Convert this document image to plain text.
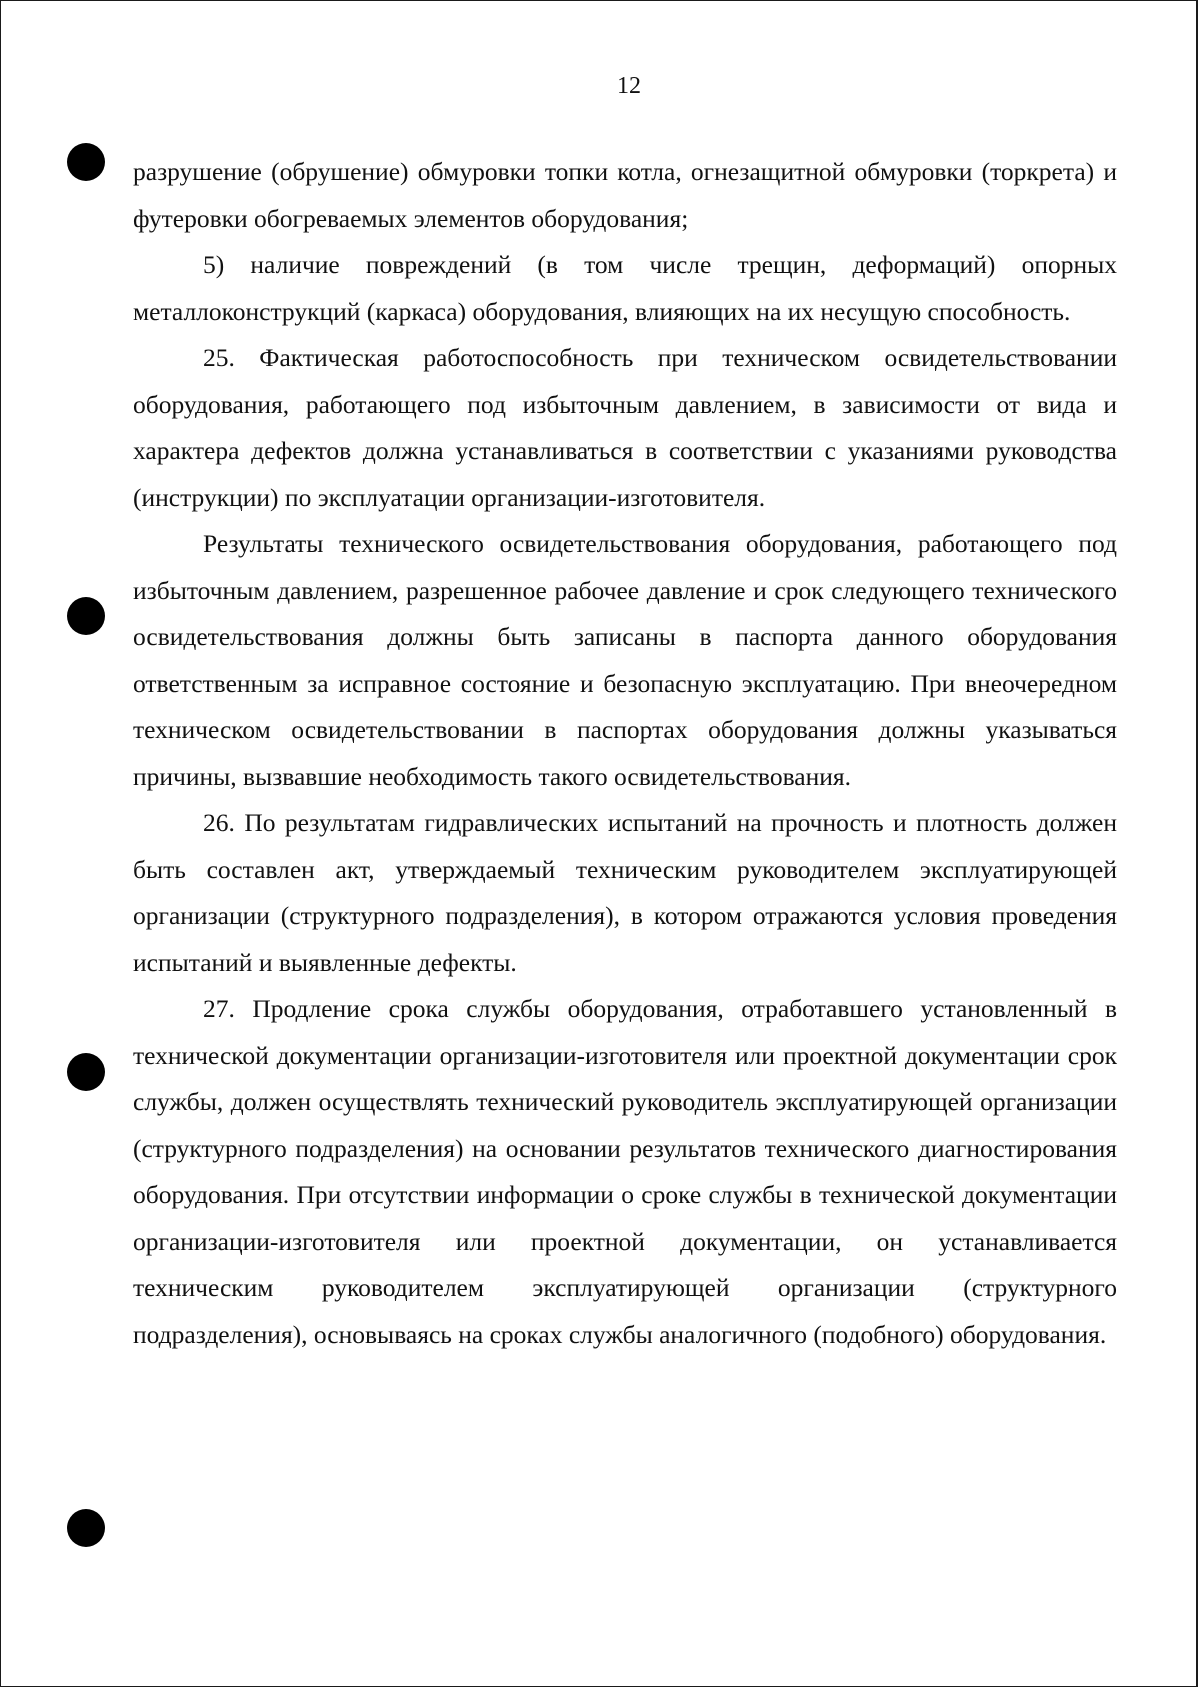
12

разрушение (обрушение) обмуровки топки котла, огнезащитной обмуровки (торкрета) и футеровки обогреваемых элементов оборудования;

5) наличие повреждений (в том числе трещин, деформаций) опорных металлоконструкций (каркаса) оборудования, влияющих на их несущую способность.

25. Фактическая работоспособность при техническом освидетельствовании оборудования, работающего под избыточным давлением, в зависимости от вида и характера дефектов должна устанавливаться в соответствии с указаниями руководства (инструкции) по эксплуатации организации-изготовителя.

Результаты технического освидетельствования оборудования, работающего под избыточным давлением, разрешенное рабочее давление и срок следующего технического освидетельствования должны быть записаны в паспорта данного оборудования ответственным за исправное состояние и безопасную эксплуатацию. При внеочередном техническом освидетельствовании в паспортах оборудования должны указываться причины, вызвавшие необходимость такого освидетельствования.

26. По результатам гидравлических испытаний на прочность и плотность должен быть составлен акт, утверждаемый техническим руководителем эксплуатирующей организации (структурного подразделения), в котором отражаются условия проведения испытаний и выявленные дефекты.

27. Продление срока службы оборудования, отработавшего установленный в технической документации организации-изготовителя или проектной документации срок службы, должен осуществлять технический руководитель эксплуатирующей организации (структурного подразделения) на основании результатов технического диагностирования оборудования. При отсутствии информации о сроке службы в технической документации организации-изготовителя или проектной документации, он устанавливается техническим руководителем эксплуатирующей организации (структурного подразделения), основываясь на сроках службы аналогичного (подобного) оборудования.
